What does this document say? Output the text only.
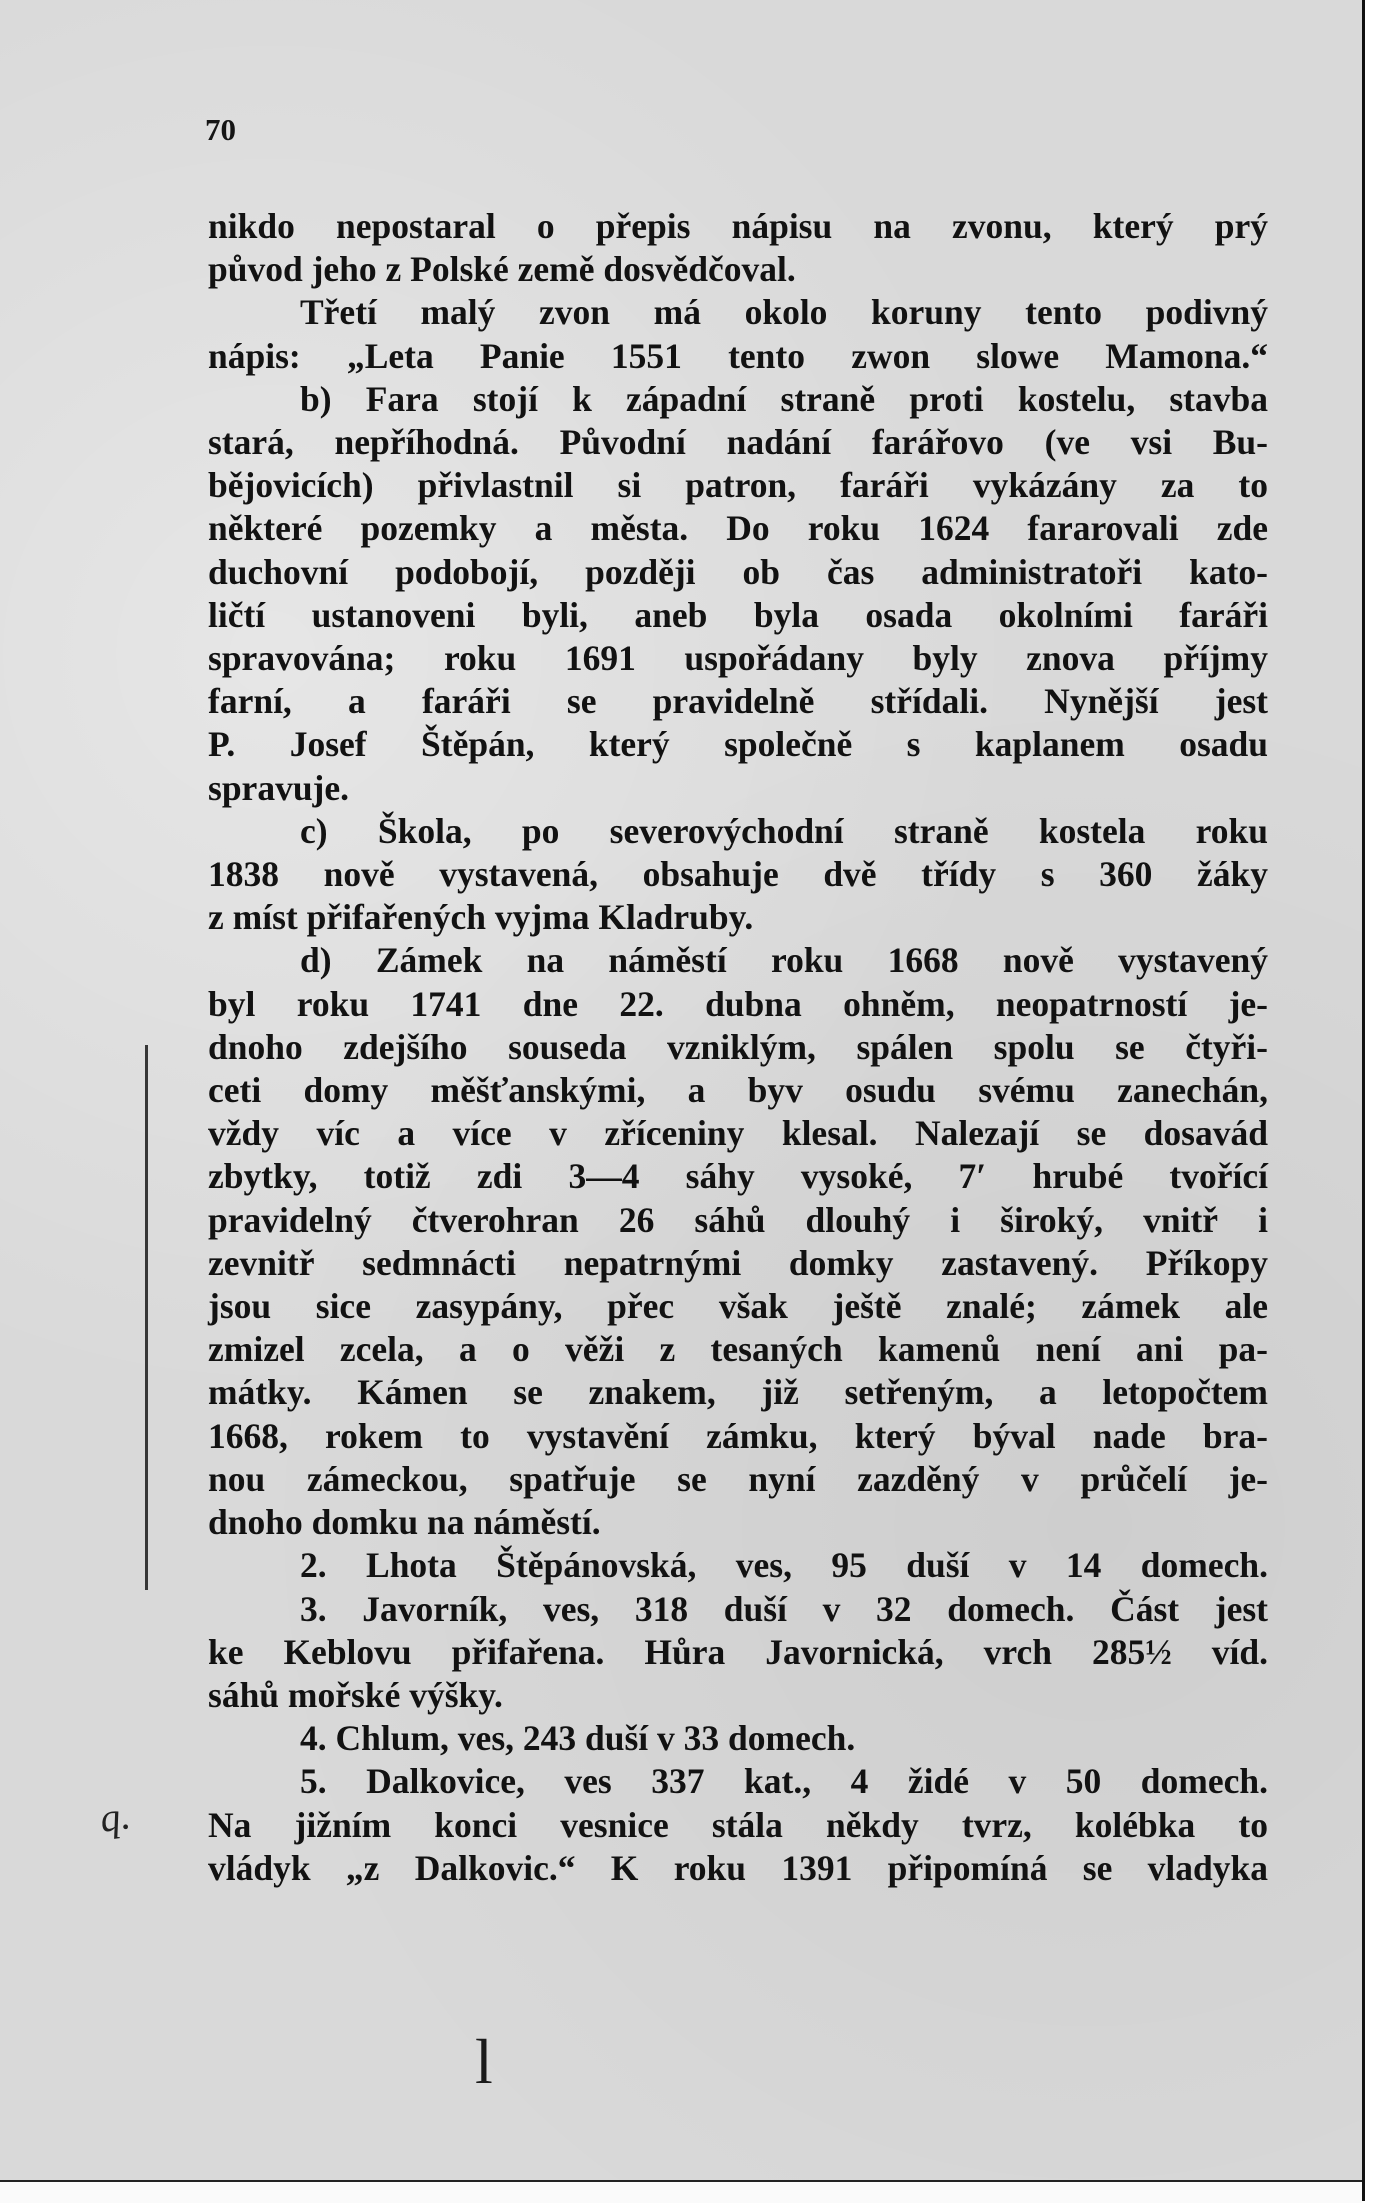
70
q.

nikdo nepostaral o přepis nápisu na zvonu, který prý

původ jeho z Polské země dosvědčoval.

Třetí malý zvon má okolo koruny tento podivný

nápis: „Leta Panie 1551 tento zwon slowe Mamona.“

b) Fara stojí k západní straně proti kostelu, stavba

stará, nepříhodná. Původní nadání farářovo (ve vsi Bu-

bějovicích) přivlastnil si patron, faráři vykázány za to

některé pozemky a města. Do roku 1624 fararovali zde

duchovní podobojí, později ob čas administratoři kato-

ličtí ustanoveni byli, aneb byla osada okolními faráři

spravována; roku 1691 uspořádany byly znova příjmy

farní, a faráři se pravidelně střídali. Nynější jest

P. Josef Štěpán, který společně s kaplanem osadu

spravuje.

c) Škola, po severovýchodní straně kostela roku

1838 nově vystavená, obsahuje dvě třídy s 360 žáky

z míst přifařených vyjma Kladruby.

d) Zámek na náměstí roku 1668 nově vystavený

byl roku 1741 dne 22. dubna ohněm, neopatrností je-

dnoho zdejšího souseda vzniklým, spálen spolu se čtyři-

ceti domy měšťanskými, a byv osudu svému zanechán,

vždy víc a více v zříceniny klesal. Nalezají se dosavád

zbytky, totiž zdi 3—4 sáhy vysoké, 7′ hrubé tvořící

pravidelný čtverohran 26 sáhů dlouhý i široký, vnitř i

zevnitř sedmnácti nepatrnými domky zastavený. Příkopy

jsou sice zasypány, přec však ještě znalé; zámek ale

zmizel zcela, a o věži z tesaných kamenů není ani pa-

mátky. Kámen se znakem, již setřeným, a letopočtem

1668, rokem to vystavění zámku, který býval nade bra-

nou zámeckou, spatřuje se nyní zazděný v průčelí je-

dnoho domku na náměstí.

2. Lhota Štěpánovská, ves, 95 duší v 14 domech.

3. Javorník, ves, 318 duší v 32 domech. Část jest

ke Keblovu přifařena. Hůra Javornická, vrch 285½ víd.

sáhů mořské výšky.

4. Chlum, ves, 243 duší v 33 domech.

5. Dalkovice, ves 337 kat., 4 židé v 50 domech.

Na jižním konci vesnice stála někdy tvrz, kolébka to

vládyk „z Dalkovic.“ K roku 1391 připomíná se vladyka

l
